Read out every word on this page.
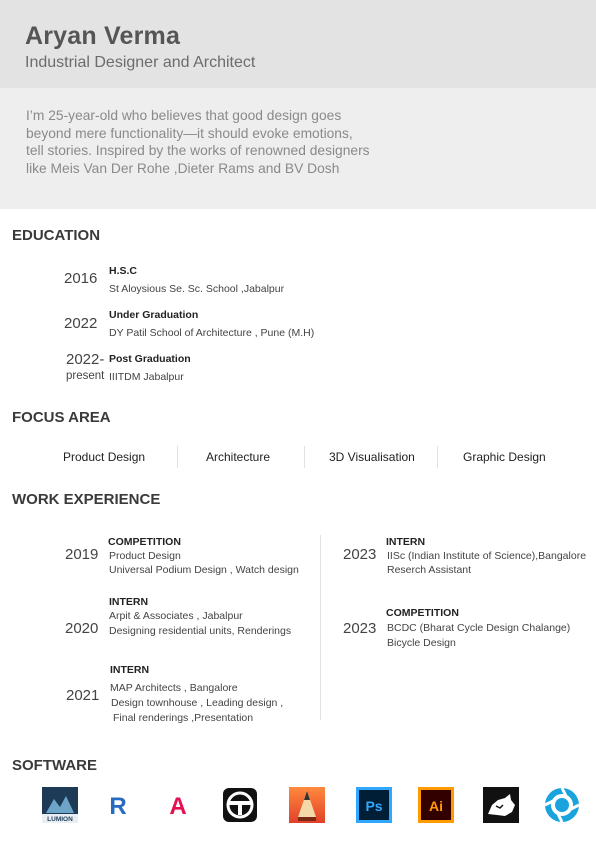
Aryan Verma
Industrial Designer and Architect
I’m 25-year-old who believes that good design goes
beyond mere functionality—it should evoke emotions,
tell stories. Inspired by the works of renowned designers
like Meis Van Der Rohe ,Dieter Rams and BV Dosh
EDUCATION
2016 H.S.C
St Aloysious Se. Sc. School ,Jabalpur
2022 Under Graduation
DY Patil School of Architecture , Pune (M.H)
2022-
present
Post Graduation
IIITDM Jabalpur
FOCUS AREA
Product Design	Architecture	3D Visualisation	Graphic Design
WORK EXPERIENCE
2019
COMPETITION
Product Design
Universal Podium Design , Watch design
2020
INTERN
Arpit & Associates , Jabalpur
Designing residential units, Renderings
2021
INTERN
MAP Architects , Bangalore
Design townhouse , Leading design ,
Final renderings ,Presentation
2023
INTERN
IISc (Indian Institute of Science),Bangalore
Reserch Assistant
2023
COMPETITION
BCDC (Bharat Cycle Design Chalange)
Bicycle Design
SOFTWARE
LUMION R A	Ps	Ai
